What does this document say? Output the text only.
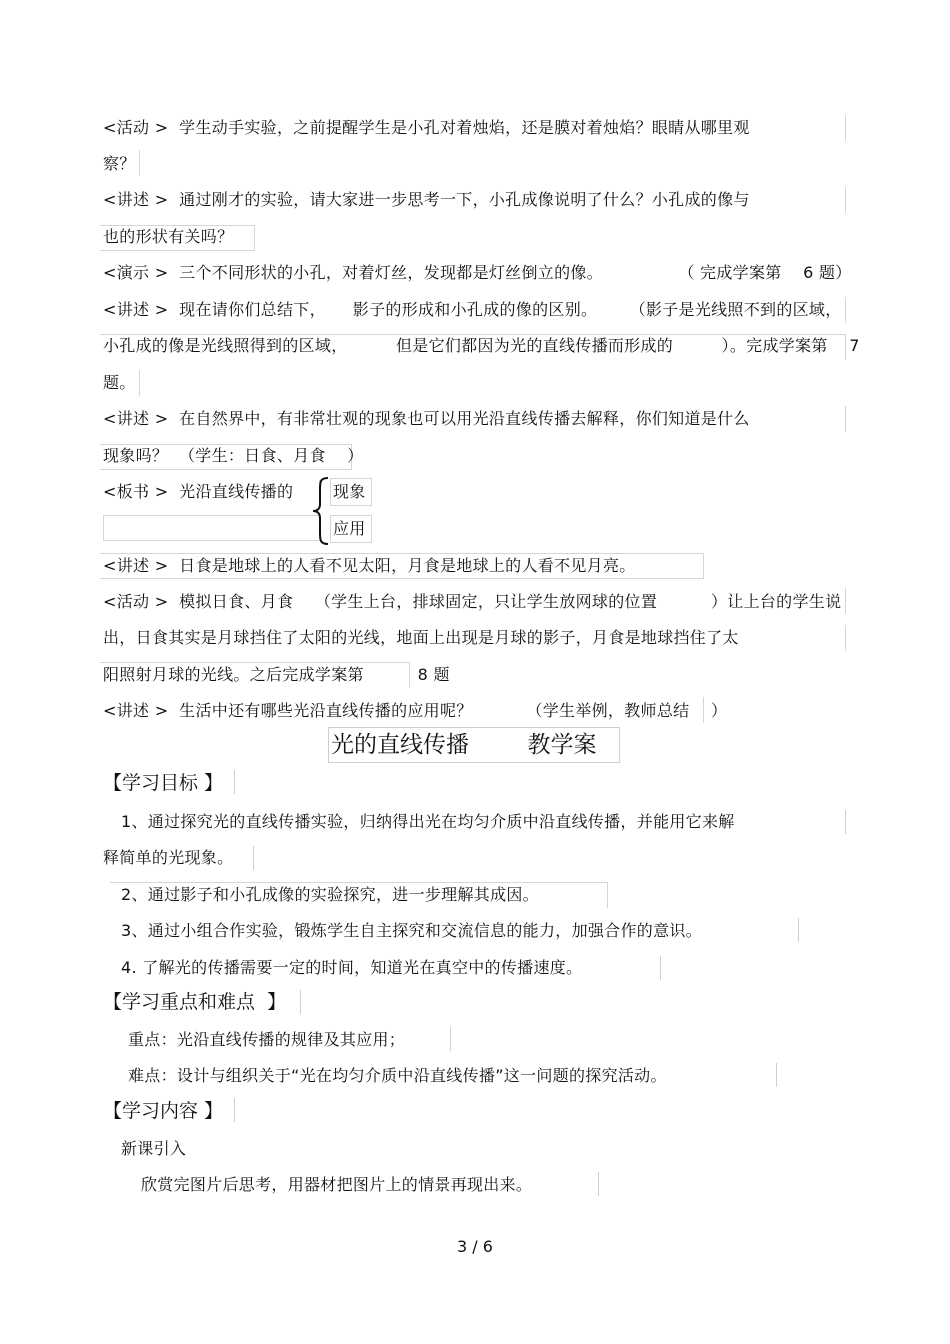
<活动 >  学生动手实验，之前提醒学生是小孔对着烛焰，还是膜对着烛焰？眼睛从哪里观
察？
<讲述 >  通过刚才的实验，请大家进一步思考一下，小孔成像说明了什么？小孔成的像与
也的形状有关吗？
<演示 >  三个不同形状的小孔，对着灯丝，发现都是灯丝倒立的像。              （ 完成学案第    6 题）
<讲述 >  现在请你们总结下，     影子的形成和小孔成的像的区别。      （影子是光线照不到的区域，
小孔成的像是光线照得到的区域，         但是它们都因为光的直线传播而形成的         ）。完成学案第    7
题。
<讲述 >  在自然界中，有非常壮观的现象也可以用光沿直线传播去解释，你们知道是什么
现象吗？  （学生：日食、月食    ）
<板书 >  光沿直线传播的 现象
应用
<讲述 >  日食是地球上的人看不见太阳，月食是地球上的人看不见月亮。
<活动 >  模拟日食、月食    （学生上台，排球固定，只让学生放网球的位置          ）让上台的学生说
出，日食其实是月球挡住了太阳的光线，地面上出现是月球的影子，月食是地球挡住了太
阳照射月球的光线。之后完成学案第          8 题
<讲述 >  生活中还有哪些光沿直线传播的应用呢？          （学生举例，教师总结    ）
光的直线传播        教学案
【学习目标 】
1、通过探究光的直线传播实验，归纳得出光在均匀介质中沿直线传播，并能用它来解
释简单的光现象。
2、通过影子和小孔成像的实验探究，进一步理解其成因。
3、通过小组合作实验，锻炼学生自主探究和交流信息的能力，加强合作的意识。
4. 了解光的传播需要一定的时间，知道光在真空中的传播速度。
【学习重点和难点  】
重点：光沿直线传播的规律及其应用；
难点：设计与组织关于“光在均匀介质中沿直线传播”这一问题的探究活动。
【学习内容 】
新课引入
欣赏完图片后思考，用器材把图片上的情景再现出来。
3 / 6
